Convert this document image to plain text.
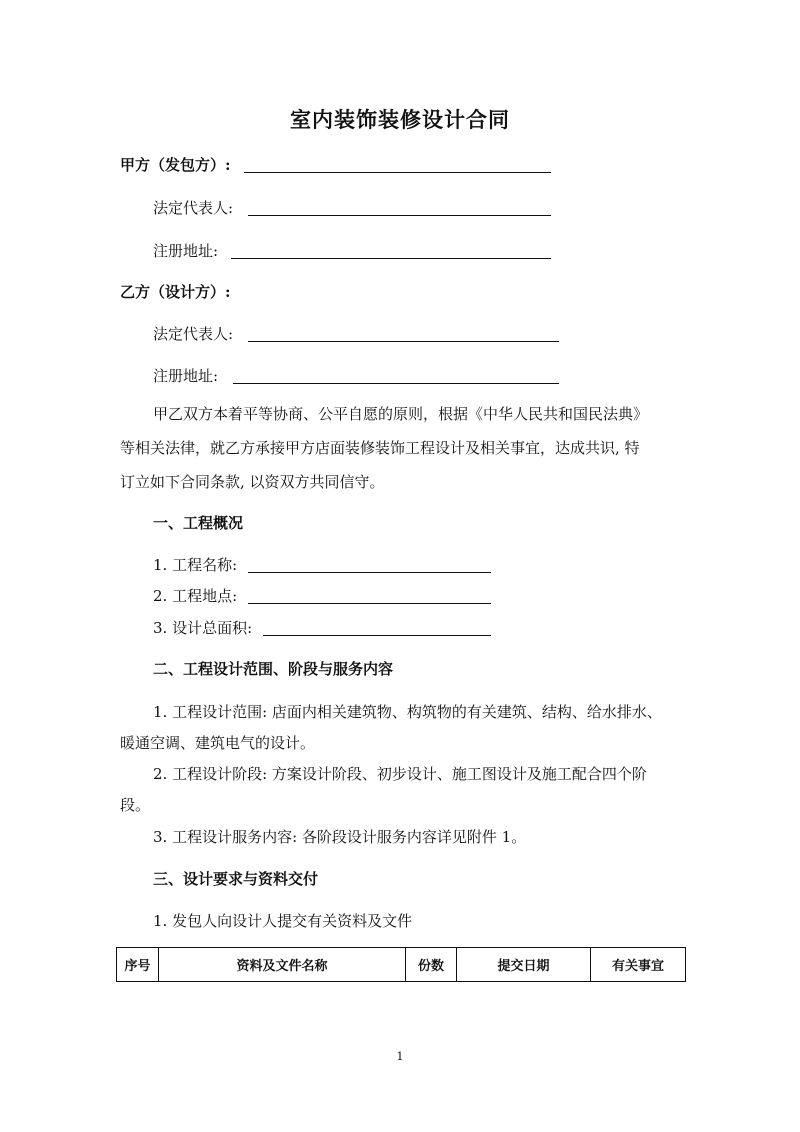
室内装饰装修设计合同
甲方（发包方）:
法定代表人:
注册地址:
乙方（设计方）:
法定代表人:
注册地址:
甲乙双方本着平等协商、公平自愿的原则，根据《中华人民共和国民法典》
等相关法律，就乙方承接甲方店面装修装饰工程设计及相关事宜，达成共识, 特
订立如下合同条款, 以资双方共同信守。
一、工程概况
1. 工程名称:
2. 工程地点:
3. 设计总面积:
二、工程设计范围、阶段与服务内容
1. 工程设计范围: 店面内相关建筑物、构筑物的有关建筑、结构、给水排水、
暖通空调、建筑电气的设计。
2. 工程设计阶段: 方案设计阶段、初步设计、施工图设计及施工配合四个阶
段。
3. 工程设计服务内容: 各阶段设计服务内容详见附件 1。
三、设计要求与资料交付
1. 发包人向设计人提交有关资料及文件
序号	资料及文件名称	份数	提交日期	有关事宜
1
